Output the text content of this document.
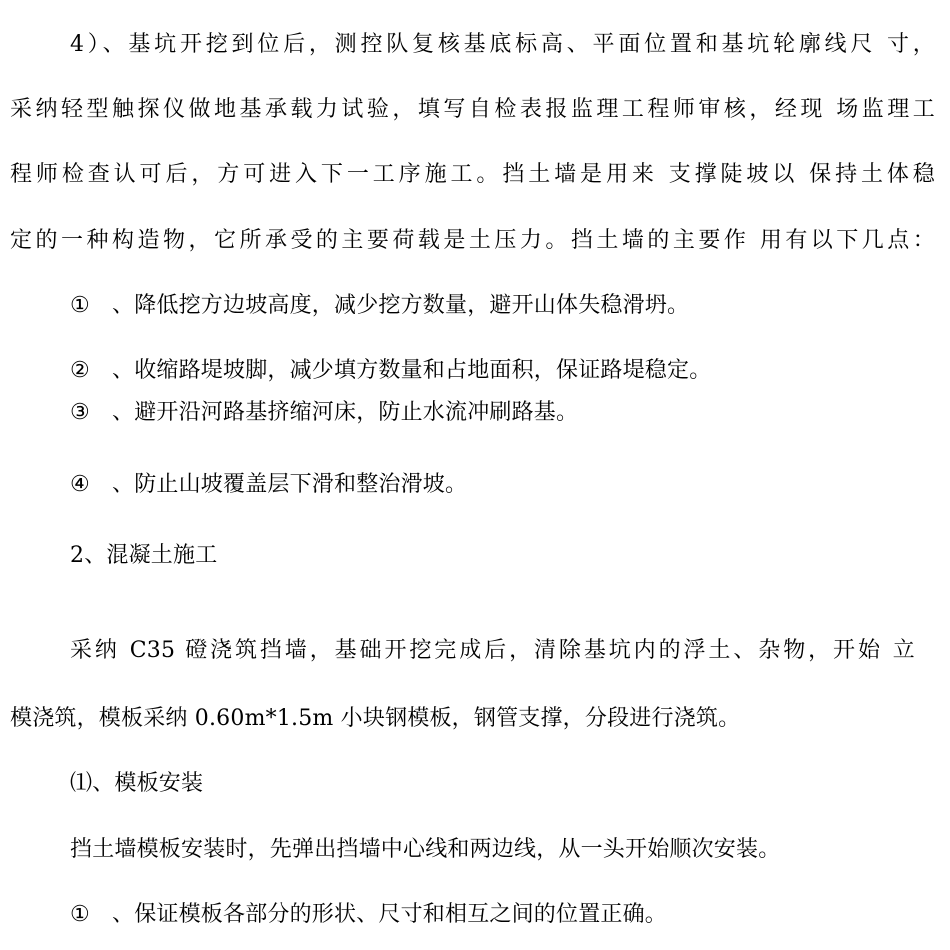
4）、基坑开挖到位后，测控队复核基底标高、平面位置和基坑轮廓线尺 寸，
采纳轻型触探仪做地基承载力试验，填写自检表报监理工程师审核，经现 场监理工
程师检查认可后，方可进入下一工序施工。挡土墙是用来 支撑陡坡以 保持土体稳
定的一种构造物，它所承受的主要荷载是土压力。挡土墙的主要作 用有以下几点：
① 、降低挖方边坡高度，减少挖方数量，避开山体失稳滑坍。
② 、收缩路堤坡脚，减少填方数量和占地面积，保证路堤稳定。
③ 、避开沿河路基挤缩河床，防止水流冲刷路基。
④ 、防止山坡覆盖层下滑和整治滑坡。
2、混凝土施工
采纳 C35 磴浇筑挡墙，基础开挖完成后，清除基坑内的浮土、杂物，开始 立
模浇筑，模板采纳 0.60m*1.5m 小块钢模板，钢管支撑，分段进行浇筑。
⑴、模板安装
挡土墙模板安装时，先弹出挡墙中心线和两边线，从一头开始顺次安装。
① 、保证模板各部分的形状、尺寸和相互之间的位置正确。
